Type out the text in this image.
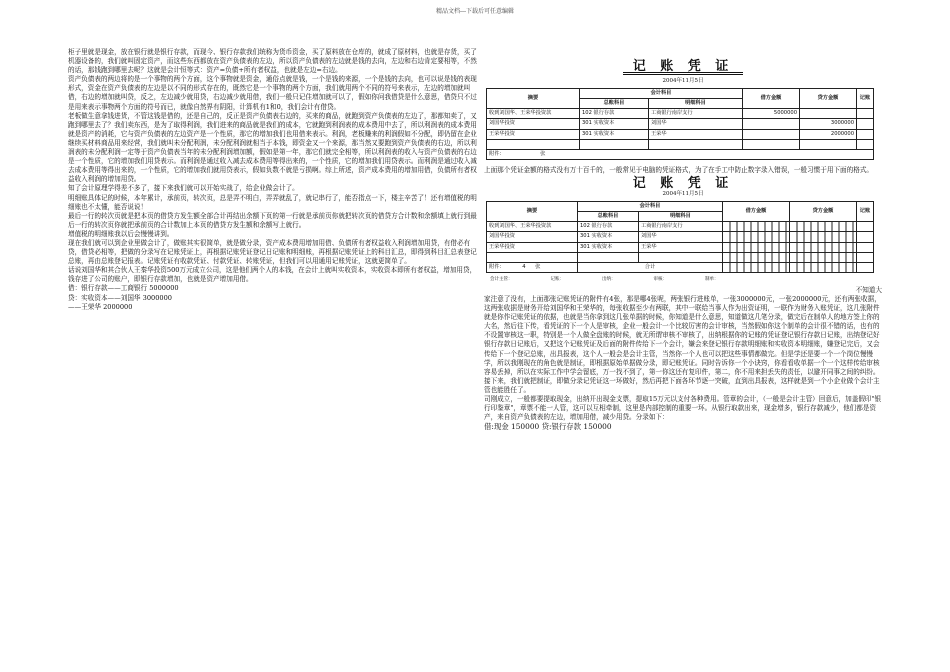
精品文档---下载后可任意编辑

柜子里就是现金，放在银行就是银行存款，而现今、银行存款我们统称为货币资金，买了原料放在仓库的，就成了原材料，也就是存货，买了机器设备的，我们就叫固定资产，而这些东西都放在资产负债表的左边，所以资产负债表的左边就是钱的去向，左边和右边肯定要相等，不然的话，那钱跑到哪里去呢？这就是会计恒等式：资产=负债+所有者权益，也就是左边=右边。

资产负债表的两边将的是一个事物的两个方面，这个事物就是资金，通俗点就是钱，一个是钱的来源，一个是钱的去向，也可以说是钱的表现形式，资金在资产负债表的左边是以不同的形式存在的，既然它是一个事物的两个方面，我们就用两个不同的符号来表示，左边的增加就叫借，右边的增加就叫贷，反之，左边减少就用贷，右边减少就用借，我们一般只记住增加就可以了，假如你问我借贷是什么意思，借贷只不过是用来表示事物两个方面的符号而已，就像自然界有阴阳，计算机有1和0，我们会计有借贷。

老板做生意拿钱进货，不管这钱是借的，还是自己的，反正是资产负债表右边的，买来的商品，就跑到资产负债表的左边了，那都知卖了，又跑到哪里去了？我们卖东西，是为了取得利润，我们进来的商品就是我们的成本，它就跑到利润表的成本费用中去了，所以利润表的成本费用就是资产的消耗，它与资产负债表的左边资产是一个性质，那它的增加我们也用借来表示。利润，老板赚来的利润假如不分配，即仍留在企业继续买材料商品用来经营，我们就叫未分配利润，未分配利润就相当于本钱，即资金又一个来源，那当然又要跑到资产负债表的右边，所以利润表的未分配利润一定等于资产负债表当年的未分配利润增加额，假如是第一年，那它们就完全相等，所以利润表的收入与资产负债表的右边是一个性质，它的增加我们用贷表示。而利润是通过收入减去成本费用等得出来的，一个性质，它的增加我们用贷表示。而利润是通过收入减去成本费用等得出来的，一个性质，它的增加我们就用贷表示，假如负数不就是亏损啊。综上所述，资产成本费用的增加用借，负债所有者权益收入利润的增加用贷。

知了会计原理学得差不多了，接下来我们就可以开始实战了，给企业做会计了。

明细账具体记的时候，本年累计，承前页，转次页，总是弄不明白，弄弄就乱了，就记串行了，能否指点一下，楼主辛苦了！还有增值税的明细账也不太懂，能否说说！

最后一行的转次页就是把本页的借贷方发生额全部合计再结出余额下页的第一行就是承前页你就把转次页的借贷方合计数和余额填上就行到最后一行的转次页你就把承前页的合计数加上本页的借贷方发生额和余额写上就行。

增值税的明细账我以后会慢慢讲到。

现在我们就可以到企业里做会计了，做账其实很简单，就是做分录，资产成本费用增加用借、负债所有者权益收入利润增加用贷，有借必有贷，借贷必相等，把做的分录写在记账凭证上，再根据记账凭证登记日记账和明细账，再根据记账凭证上的科目汇总，即得到科目汇总表登记总账，再由总账登记报表。记账凭证有收款凭证、付款凭证、转账凭证，但我们可以用通用记账凭证，这就更简单了。

话说刘国华和其合伙人王秦华投资500万元成立公司，这是他们两个人的本钱，在会计上就叫实收资本，实收资本即所有者权益，增加用贷，钱存进了公司的账户，即银行存款增加，也就是资产增加用借。

借：银行存款——工商银行 5000000

贷：实收资本——刘国华 3000000

——王荣华 2000000

记 账 凭 证
2004年11月5日
摘要	会计科目		借方金额	贷方金额	记账
	总账科目	明细科目			
收到刘国华、王荣华投资款	102 银行存款	工商银行南岸支行	5000000		
刘国华投资	301 实收资本	刘国华		3000000	
王荣华投资	301 实收资本	王荣华		2000000	

附件： 张					

上面那个凭证金额的格式没有万十百千的，一般常见于电脑的凭证格式，为了在手工中防止数字录入错误，一般习惯于用下面的格式。

记 账 凭 证
2004年11月5日
摘要	会计科目		借方金额	贷方金额	记账
	总账科目	明细科目			
收到刘国华、王荣华投资款	102 银行存款	工商银行南岸支行			
刘国华投资	301 实收资本	刘国华			
王荣华投资	301 实收资本	王荣华			

附件： 4 张	合计				
会计主管：	记账：	出纳：	审核：	制单：

不知道大

家注意了没有，上面那张记账凭证的附件有4张，那是哪4张呢，两张银行进账单，一张3000000元，一张2000000元，还有两张收据，这两张收据是财务开给刘国华和王荣华的，每张收据至少有两联，其中一联给当事人作为出资证明，一联作为财务入账凭证，这几张附件就是你作记账凭证的依据，也就是当你拿到这几张单据的时候，你知道是什么意思，知道做这几笔分录，做完后在制单人的地方签上你的大名，然后往下传，看凭证的下一个人是审核，企业一般会计一个比较厉害的会计审核，当然假如你这个制单的会计很不错的话，也有的不设置审核这一职，特别是一个人做全盘账的时候，就无所谓审核不审核了，出纳根据你的记账的凭证登记银行存款日记账，出纳登记好银行存款日记账后，又把这个记账凭证及后面的附件传给下一个会计，嫌会来登记银行存款明细账和实收资本明细账，嫌登记完后，又会传给下一个登记总账，出具报表，这个人一般会是会计主管，当然你一个人也可以把这些事情都做完。但是学还是要一个一个岗位慢慢学，所以我刚现在的角色就是制证，即根据原始单据做分录，即记账凭证。同时告诉你一个小诀窍，你看看收单据一个一个这样传给审核容易丢掉，所以在实际工作中学会留底，万一找不到了，第一你这还有复印件，第二，你不用来担丢失的责任，以避开同事之间的纠纷。接下来，我们就把制证，即做分录记凭证这一环做好，然后再把下面各环节逐一突破，直到出具报表，这样就是到一个小企业做个会计主管也能胜任了。

司刚成立，一般都要提取现金，出纳开出现金支票，提取15万元以支付各种费用。管章的会计，（一般是会计主管）回意后，加盖假印"银行印鉴章"，章票不能一人管，这可以互相牵制，这里是内部控制的重要一环。从银行取款出来，现金增多，银行存款减少，他们都是资产，来自资产负债表的左边，增加用借，减少用贷。分录如下：

借:现金 150000 贷:银行存款 150000
